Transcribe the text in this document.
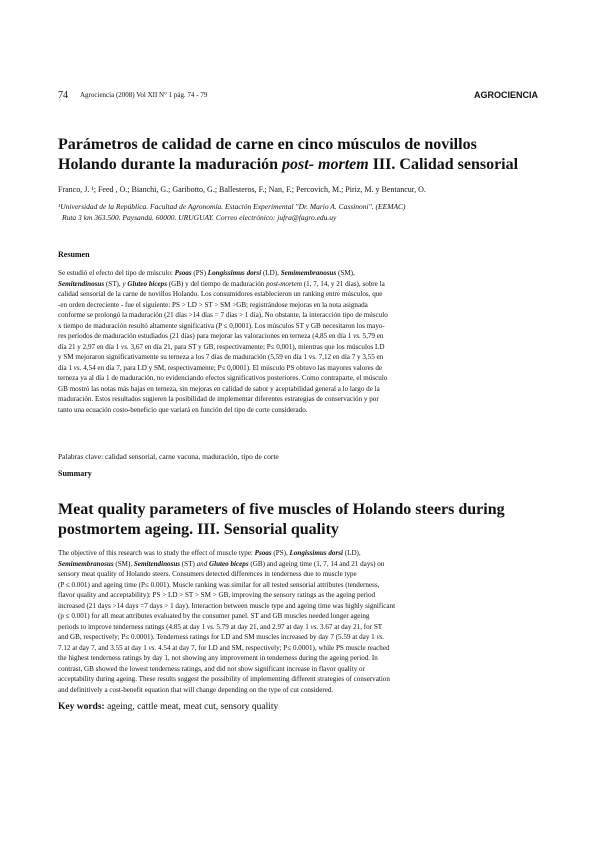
74 Agrociencia (2008) Vol XII N° 1 pág. 74 - 79	AGROCIENCIA
Parámetros de calidad de carne en cinco músculos de novillos
Holando durante la maduración post- mortem III. Calidad sensorial
Franco, J. ¹; Feed , O.; Bianchi, G.; Garibotto, G.; Ballesteros, F.; Nan, F.; Percovich, M.; Piriz, M. y Bentancur, O.
¹Universidad de la República. Facultad de Agronomía. Estación Experimental "Dr. Mario A. Cassinoni". (EEMAC)
Ruta 3 km 363.500. Paysandú. 60000. URUGUAY. Correo electrónico: jufra@fagro.edu.uy
Resumen
Se estudió el efecto del tipo de músculo: Psoas (PS) Longissimus dorsi (LD), Semimembranosus (SM),
Semitendinosus (ST), y Gluteo biceps (GB) y del tiempo de maduración post-mortem (1, 7, 14, y 21 días), sobre la
calidad sensorial de la carne de novillos Holando. Los consumidores establecieron un ranking entre músculos, que
-en orden decreciente - fue el siguiente: PS > LD > ST > SM >GB; registrándose mejoras en la nota asignada
conforme se prolongó la maduración (21 días >14 días = 7 días > 1 día), No obstante, la interacción tipo de músculo
x tiempo de maduración resultó altamente significativa (P ≤ 0,0001). Los músculos ST y GB necesitaron los mayo-
res períodos de maduración estudiados (21 días) para mejorar las valoraciones en terneza (4,85 en día 1 vs. 5,79 en
día 21 y 2,97 en día 1 vs. 3,67 en día 21, para ST y GB, respectivamente; P≤ 0,001), mientras que los músculos LD
y SM mejoraron significativamente su terneza a los 7 días de maduración (5,59 en día 1 vs. 7,12 en día 7 y 3,55 en
día 1 vs. 4,54 en día 7, para LD y SM, respectivamente; P≤ 0,0001). El músculo PS obtuvo las mayores valores de
terneza ya al día 1 de maduración, no evidenciando efectos significativos posteriores. Como contraparte, el músculo
GB mostró las notas más bajas en terneza, sin mejoras en calidad de sabor y aceptabilidad general a lo largo de la
maduración. Estos resultados sugieren la posibilidad de implementar diferentes estrategias de conservación y por
tanto una ecuación costo-beneficio que variará en función del tipo de corte considerado.
Palabras clave: calidad sensorial, carne vacuna, maduración, tipo de corte
Summary
Meat quality parameters of five muscles of Holando steers during
postmortem ageing. III. Sensorial quality
The objective of this research was to study the effect of muscle type: Psoas (PS), Longissimus dorsi (LD),
Semimembranosus (SM), Semitendinosus (ST) and Gluteo biceps (GB) and ageing time (1, 7, 14 and 21 days) on
sensory meat quality of Holando steers. Consumers detected differences in tenderness due to muscle type
(P ≤ 0.001) and ageing time (P≤ 0.001). Muscle ranking was similar for all tested sensorial attributes (tenderness,
flavor quality and acceptability): PS > LD > ST > SM > GB, improving the sensory ratings as the ageing period
increased (21 days >14 days =7 days > 1 day). Interaction between muscle type and ageing time was highly significant
(p ≤ 0.001) for all meat attributes evaluated by the consumer panel. ST and GB muscles needed longer ageing
periods to improve tenderness ratings (4.85 at day 1 vs. 5.79 at day 21, and 2.97 at day 1 vs. 3.67 at day 21, for ST
and GB, respectively; P≤ 0.0001). Tenderness ratings for LD and SM muscles increased by day 7 (5.59 at day 1 vs.
7.12 at day 7, and 3.55 at day 1 vs. 4.54 at day 7, for LD and SM, respectively; P≤ 0.0001), while PS muscle reached
the highest tenderness ratings by day 1, not showing any improvement in tenderness during the ageing period. In
contrast, GB showed the lowest tenderness ratings, and did not show significant increase in flavor quality or
acceptability during ageing. These results suggest the possibility of implementing different strategies of conservation
and definitively a cost-benefit equation that will change depending on the type of cut considered.
Key words: ageing, cattle meat, meat cut, sensory quality
